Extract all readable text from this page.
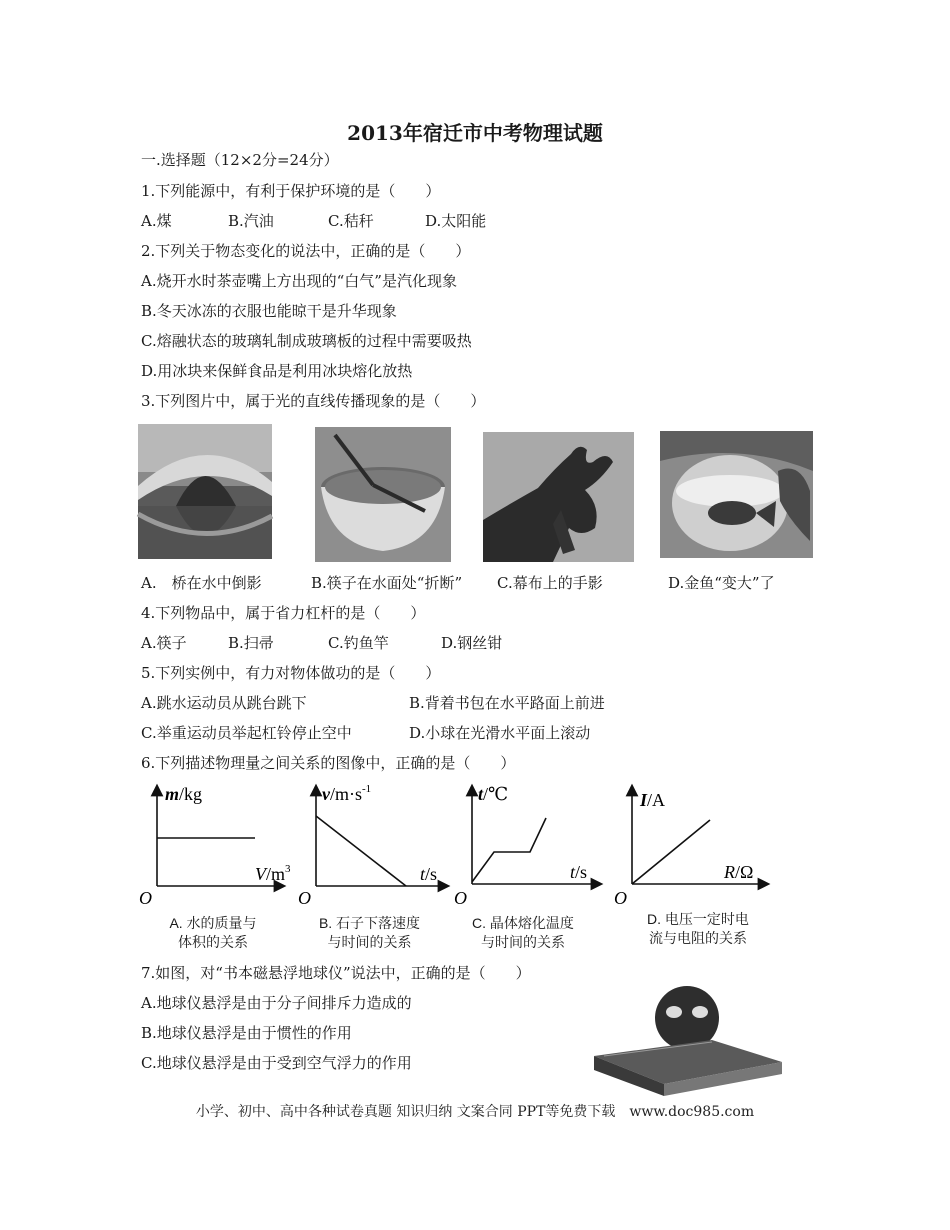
2013年宿迁市中考物理试题
一.选择题（12×2分=24分）
1.下列能源中，有利于保护环境的是（　　）
A.煤	B.汽油	C.秸秆	D.太阳能
2.下列关于物态变化的说法中，正确的是（　　）
A.烧开水时茶壶嘴上方出现的“白气”是汽化现象
B.冬天冰冻的衣服也能晾干是升华现象
C.熔融状态的玻璃轧制成玻璃板的过程中需要吸热
D.用冰块来保鲜食品是利用冰块熔化放热
3.下列图片中，属于光的直线传播现象的是（　　）
A.　桥在水中倒影	B.筷子在水面处“折断” C.幕布上的手影	D.金鱼“变大”了
4.下列物品中，属于省力杠杆的是（　　）
A.筷子	B.扫帚	C.钓鱼竿	D.钢丝钳
5.下列实例中，有力对物体做功的是（　　）
A.跳水运动员从跳台跳下	B.背着书包在水平路面上前进
C.举重运动员举起杠铃停止空中	D.小球在光滑水平面上滚动
6.下列描述物理量之间关系的图像中，正确的是（　　）
m/kg
$V/m^3$
O
$v/m\cdot s^{-1}$
t/s
O
t/℃
t/s
O
I/A
R/Ω
O
A. 水的质量与
体积的关系
B. 石子下落速度
与时间的关系
C. 晶体熔化温度
与时间的关系
D. 电压一定时电
流与电阻的关系
7.如图，对“书本磁悬浮地球仪”说法中，正确的是（　　）
A.地球仪悬浮是由于分子间排斥力造成的
B.地球仪悬浮是由于惯性的作用
C.地球仪悬浮是由于受到空气浮力的作用
小学、初中、高中各种试卷真题 知识归纳 文案合同 PPT等免费下载　www.doc985.com
